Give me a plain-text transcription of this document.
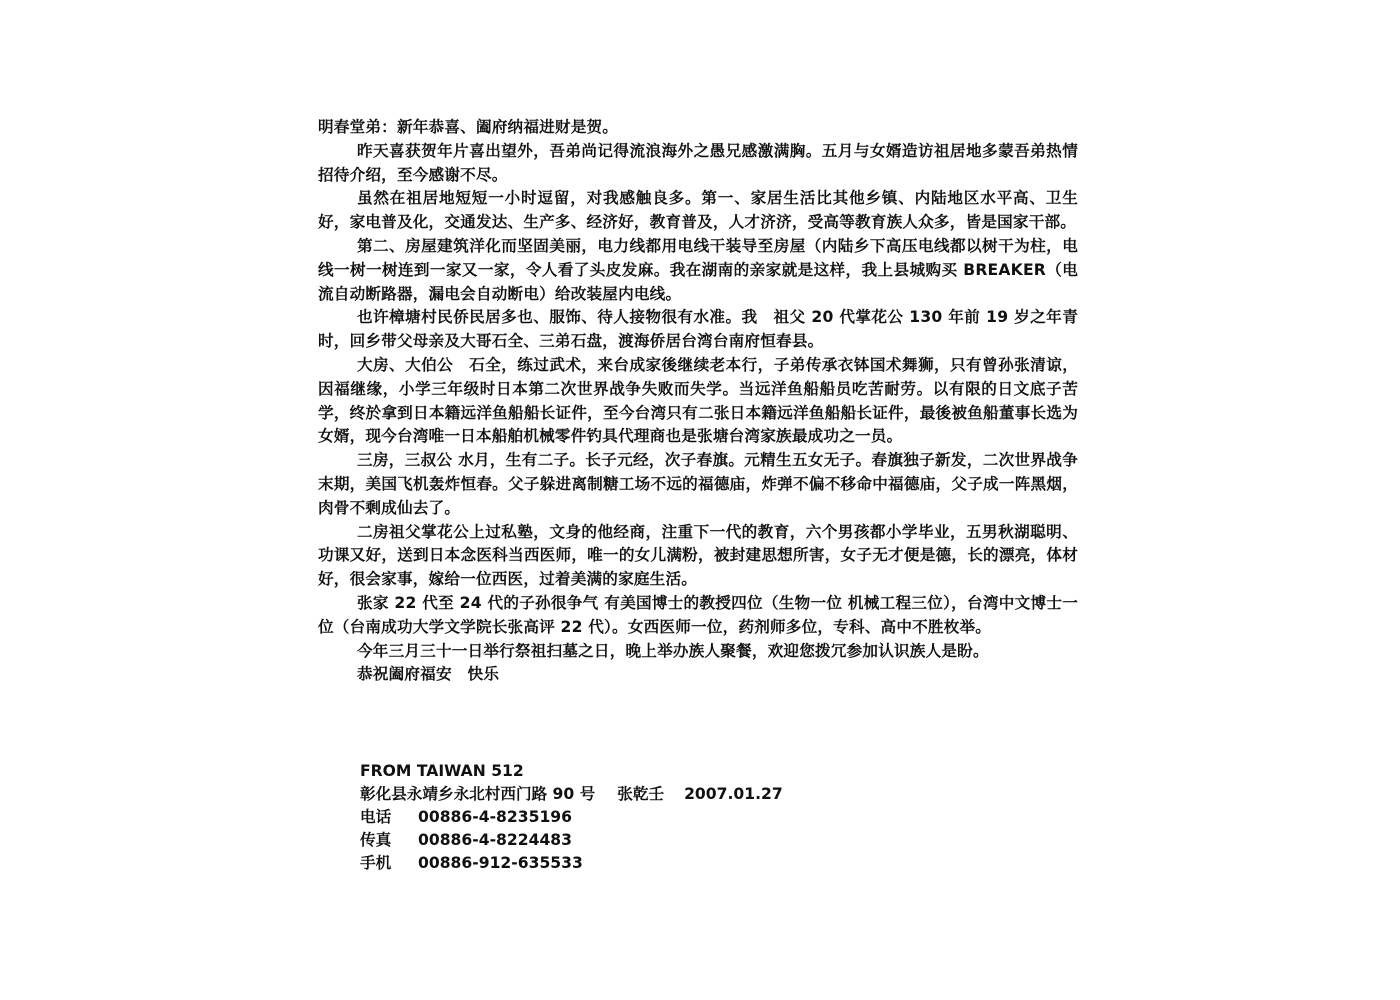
明春堂弟：新年恭喜、阖府纳福进财是贺。

昨天喜获贺年片喜出望外，吾弟尚记得流浪海外之愚兄感激满胸。五月与女婿造访祖居地多蒙吾弟热情招待介绍，至今感谢不尽。

虽然在祖居地短短一小时逗留，对我感触良多。第一、家居生活比其他乡镇、内陆地区水平高、卫生好，家电普及化，交通发达、生产多、经济好，教育普及，人才济济，受高等教育族人众多，皆是国家干部。

第二、房屋建筑洋化而坚固美丽，电力线都用电线干装导至房屋（内陆乡下高压电线都以树干为柱，电线一树一树连到一家又一家，令人看了头皮发麻。我在湖南的亲家就是这样，我上县城购买 BREAKER（电流自动断路器，漏电会自动断电）给改装屋内电线。

也许樟塘村民侨民居多也、服饰、待人接物很有水准。我　祖父 20 代掌花公 130 年前 19 岁之年青时，回乡带父母亲及大哥石全、三弟石盘，渡海侨居台湾台南府恒春县。

大房、大伯公　石全，练过武术，来台成家後继续老本行，子弟传承衣钵国术舞狮，只有曾孙张清谅，因福继缘，小学三年级时日本第二次世界战争失败而失学。当远洋鱼船船员吃苦耐劳。以有限的日文底子苦学，终於拿到日本籍远洋鱼船船长证件，至今台湾只有二张日本籍远洋鱼船船长证件，最後被鱼船董事长选为女婿，现今台湾唯一日本船舶机械零件钓具代理商也是张塘台湾家族最成功之一员。

三房，三叔公 水月，生有二子。长子元经，次子春旗。元精生五女无子。春旗独子新发，二次世界战争末期，美国飞机轰炸恒春。父子躲进离制糖工场不远的福德庙，炸弹不偏不移命中福德庙，父子成一阵黑烟，肉骨不剩成仙去了。

二房祖父掌花公上过私塾，文身的他经商，注重下一代的教育，六个男孩都小学毕业，五男秋湖聪明、功课又好，送到日本念医科当西医师，唯一的女儿满粉，被封建思想所害，女子无才便是德，长的漂亮，体材好，很会家事，嫁给一位西医，过着美满的家庭生活。

张家 22 代至 24 代的子孙很争气 有美国博士的教授四位（生物一位 机械工程三位），台湾中文博士一位（台南成功大学文学院长张高评 22 代）。女西医师一位，药剂师多位，专科、高中不胜枚举。

今年三月三十一日举行祭祖扫墓之日，晚上举办族人聚餐，欢迎您拨冗参加认识族人是盼。

恭祝阖府福安　快乐

FROM TAIWAN 512
彰化县永靖乡永北村西门路 90 号 张乾壬 2007.01.27
电话	00886-4-8235196
传真	00886-4-8224483
手机	00886-912-635533
